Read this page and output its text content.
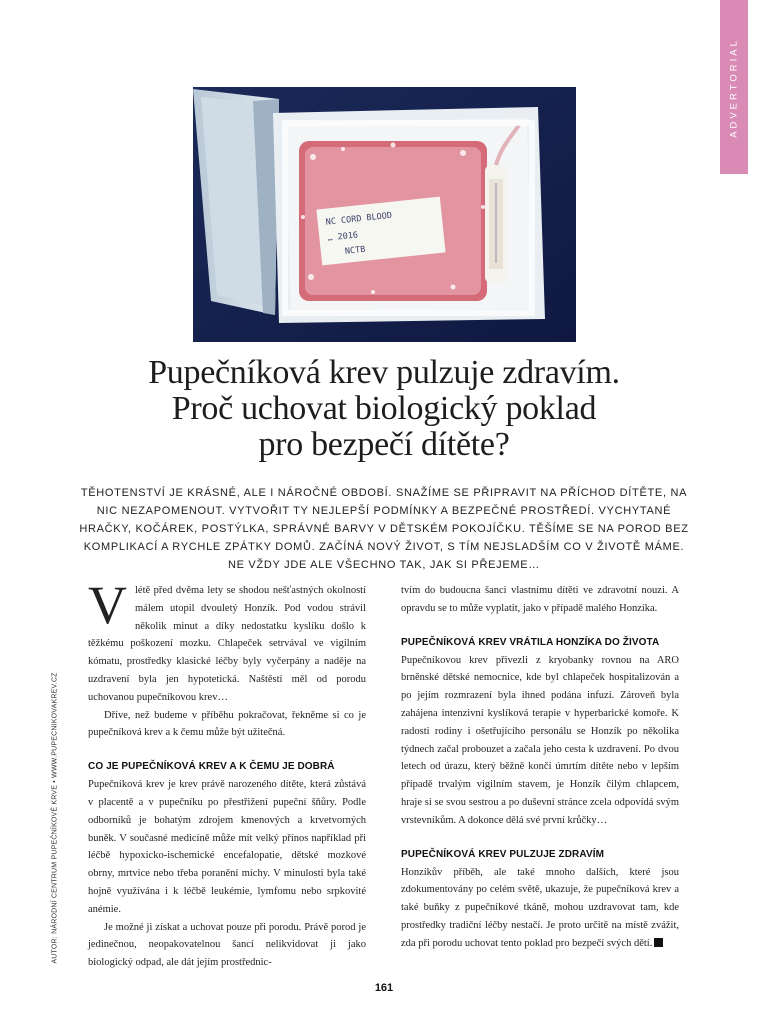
ADVERTORIAL
AUTOR: NÁRODNÍ CENTRUM PUPEČNÍKOVÉ KRVE • WWW.PUPECNIKOVAKREV.CZ
NC CORD BLOOD
… 2016
NCTB
Pupečníková krev pulzuje zdravím.
Proč uchovat biologický poklad
pro bezpečí dítěte?

TĚHOTENSTVÍ JE KRÁSNÉ, ALE I NÁROČNÉ OBDOBÍ. SNAŽÍME SE PŘIPRAVIT NA PŘÍCHOD DÍTĚTE, NA NIC NEZAPOMENOUT. VYTVOŘIT TY NEJLEPŠÍ PODMÍNKY A BEZPEČNÉ PROSTŘEDÍ. VYCHYTANÉ HRAČKY, KOČÁREK, POSTÝLKA, SPRÁVNÉ BARVY V DĚTSKÉM POKOJÍČKU. TĚŠÍME SE NA POROD BEZ KOMPLIKACÍ A RYCHLE ZPÁTKY DOMŮ. ZAČÍNÁ NOVÝ ŽIVOT, S TÍM NEJSLADŠÍM CO V ŽIVOTĚ MÁME. NE VŽDY JDE ALE VŠECHNO TAK, JAK SI PŘEJEME…

Vlétě před dvěma lety se shodou nešťastných okolností málem utopil dvouletý Honzík. Pod vodou strávil několik minut a díky nedostatku kyslíku došlo k těžkému poškození mozku. Chlapeček setrvával ve vigilním kómatu, prostředky klasické léčby byly vyčerpány a naděje na uzdravení byla jen hypotetická. Naštěstí měl od porodu uchovanou pupečníkovou krev…

Dříve, než budeme v příběhu pokračovat, řekněme si co je pupečníková krev a k čemu může být užitečná.

CO JE PUPEČNÍKOVÁ KREV A K ČEMU JE DOBRÁ

Pupečníková krev je krev právě narozeného dítěte, která zůstává v placentě a v pupečníku po přestřižení pupeční šňůry. Podle odborníků je bohatým zdrojem kmenových a krvetvorných buněk. V současné medicíně může mít velký přínos například při léčbě hypoxicko-ischemické encefalopatie, dětské mozkové obrny, mrtvice nebo třeba poranění míchy. V minulosti byla také hojně využívána i k léčbě leukémie, lymfomu nebo srpkovité anémie.

Je možné ji získat a uchovat pouze při porodu. Právě porod je jedinečnou, neopakovatelnou šancí nelikvidovat ji jako biologický odpad, ale dát jejím prostřednic-

tvím do budoucna šanci vlastnímu dítěti ve zdravotní nouzi. A opravdu se to může vyplatit, jako v případě malého Honzíka.

PUPEČNÍKOVÁ KREV VRÁTILA HONZÍKA DO ŽIVOTA

Pupečníkovou krev přivezli z kryobanky rovnou na ARO brněnské dětské nemocnice, kde byl chlapeček hospitalizován a po jejím rozmrazení byla ihned podána infuzí. Zároveň byla zahájena intenzivní kyslíková terapie v hyperbarické komoře. K radosti rodiny i ošetřujícího personálu se Honzík po několika týdnech začal probouzet a začala jeho cesta k uzdravení. Po dvou letech od úrazu, který běžně končí úmrtím dítěte nebo v lepším případě trvalým vigilním stavem, je Honzík čilým chlapcem, hraje si se svou sestrou a po duševní stránce zcela odpovídá svým vrstevníkům. A dokonce dělá své první krůčky…

PUPEČNÍKOVÁ KREV PULZUJE ZDRAVÍM

Honzíkův příběh, ale také mnoho dalších, které jsou zdokumentovány po celém světě, ukazuje, že pupečníková krev a také buňky z pupečníkové tkáně, mohou uzdravovat tam, kde prostředky tradiční léčby nestačí. Je proto určitě na místě zvážit, zda při porodu uchovat tento poklad pro bezpečí svých dětí.

161
